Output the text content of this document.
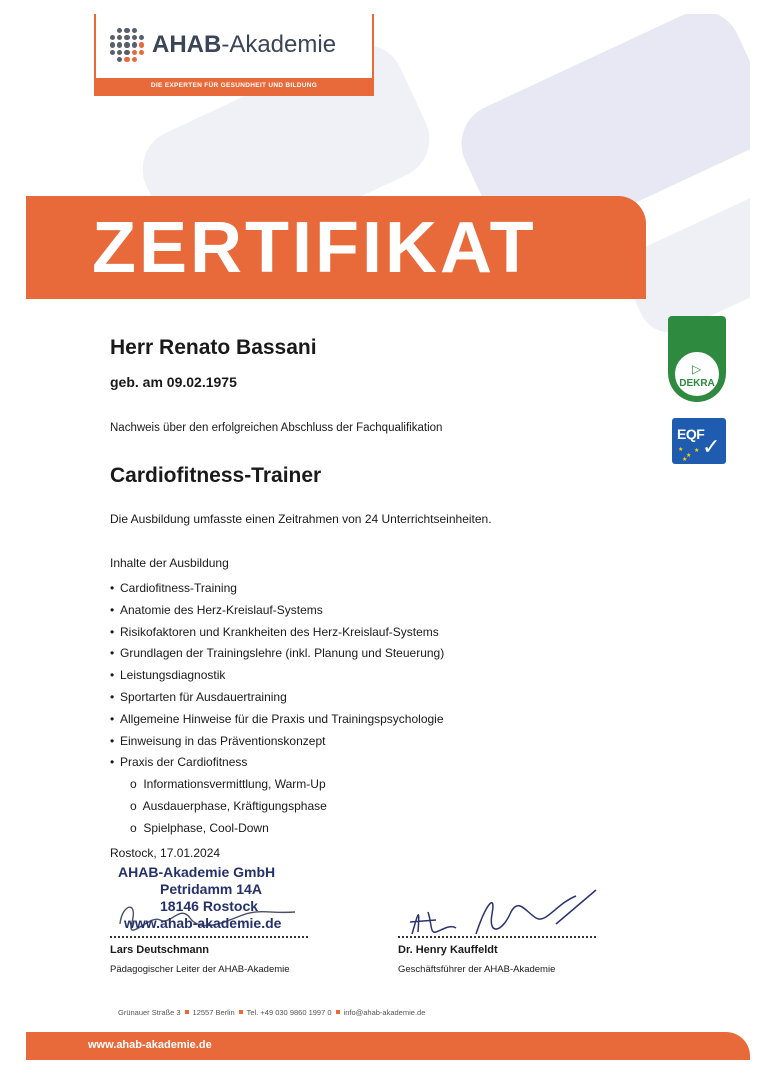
AHAB-Akademie
DIE EXPERTEN FÜR GESUNDHEIT UND BILDUNG
ZERTIFIKAT
Herr Renato Bassani
geb. am 09.02.1975
▷
DEKRA
Nachweis über den erfolgreichen Abschluss der Fachqualifikation	EQF
★
★
★
★
✓
Cardiofitness-Trainer
Die Ausbildung umfasste einen Zeitrahmen von 24 Unterrichtseinheiten.
Inhalte der Ausbildung
• Cardiofitness-Training
• Anatomie des Herz-Kreislauf-Systems
• Risikofaktoren und Krankheiten des Herz-Kreislauf-Systems
• Grundlagen der Trainingslehre (inkl. Planung und Steuerung)
• Leistungsdiagnostik
• Sportarten für Ausdauertraining
• Allgemeine Hinweise für die Praxis und Trainingspsychologie
• Einweisung in das Präventionskonzept
• Praxis der Cardiofitness
o Informationsvermittlung, Warm-Up
o Ausdauerphase, Kräftigungsphase
o Spielphase, Cool-Down
Rostock, 17.01.2024
AHAB-Akademie GmbH
Petridamm 14A
18146 Rostock
www.ahab-akademie.de
Lars Deutschmann
Pädagogischer Leiter der AHAB-Akademie
Dr. Henry Kauffeldt
Geschäftsführer der AHAB-Akademie
Grünauer Straße 3 12557 Berlin Tel. +49 030 9860 1997 0 info@ahab-akademie.de
www.ahab-akademie.de
